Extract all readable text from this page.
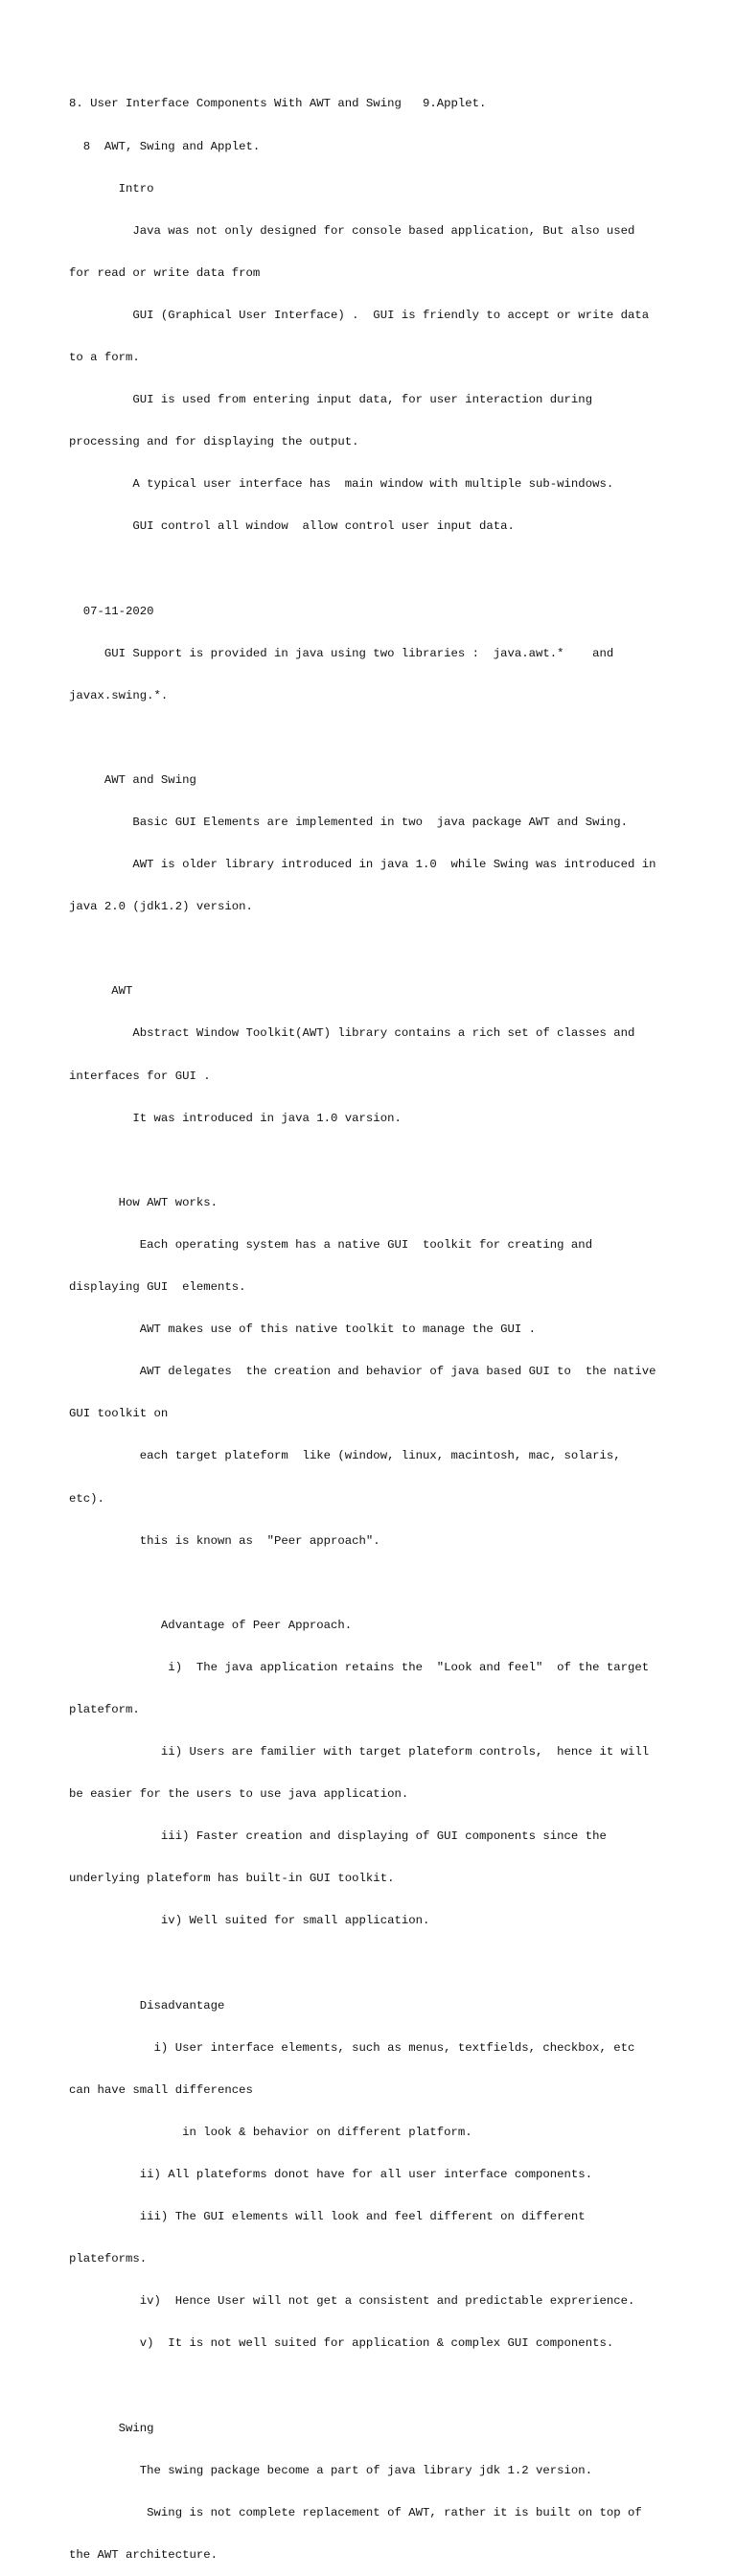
8. User Interface Components With AWT and Swing   9.Applet.

8  AWT, Swing and Applet.

Intro

Java was not only designed for console based application, But also used

for read or write data from

GUI (Graphical User Interface) .  GUI is friendly to accept or write data

to a form.

GUI is used from entering input data, for user interaction during

processing and for displaying the output.

A typical user interface has  main window with multiple sub-windows.

GUI control all window  allow control user input data.

07-11-2020

GUI Support is provided in java using two libraries :  java.awt.*    and

javax.swing.*.

AWT and Swing

Basic GUI Elements are implemented in two  java package AWT and Swing.

AWT is older library introduced in java 1.0  while Swing was introduced in

java 2.0 (jdk1.2) version.

AWT

Abstract Window Toolkit(AWT) library contains a rich set of classes and

interfaces for GUI .

It was introduced in java 1.0 varsion.

How AWT works.

Each operating system has a native GUI  toolkit for creating and

displaying GUI  elements.

AWT makes use of this native toolkit to manage the GUI .

AWT delegates  the creation and behavior of java based GUI to  the native

GUI toolkit on

each target plateform  like (window, linux, macintosh, mac, solaris,

etc).

this is known as  "Peer approach".

Advantage of Peer Approach.

i)  The java application retains the  "Look and feel"  of the target

plateform.

ii) Users are familier with target plateform controls,  hence it will

be easier for the users to use java application.

iii) Faster creation and displaying of GUI components since the

underlying plateform has built-in GUI toolkit.

iv) Well suited for small application.

Disadvantage

i) User interface elements, such as menus, textfields, checkbox, etc

can have small differences

in look & behavior on different platform.

ii) All plateforms donot have for all user interface components.

iii) The GUI elements will look and feel different on different

plateforms.

iv)  Hence User will not get a consistent and predictable exprerience.

v)  It is not well suited for application & complex GUI components.

Swing

The swing package become a part of java library jdk 1.2 version.

Swing is not complete replacement of AWT, rather it is built on top of

the AWT architecture.
